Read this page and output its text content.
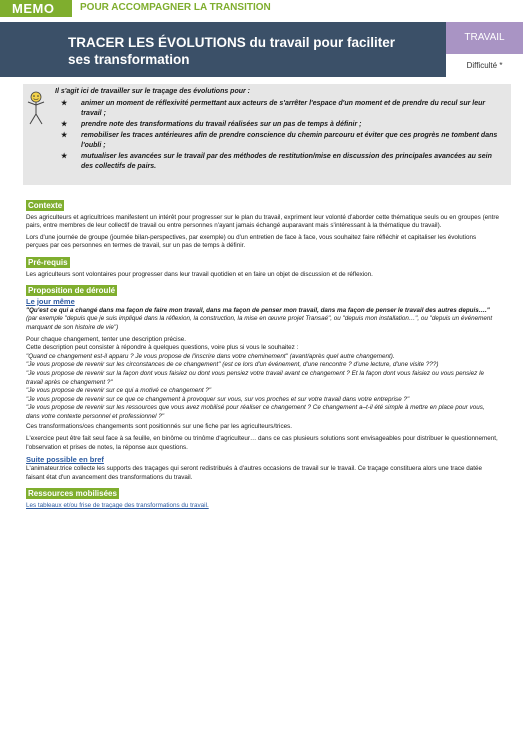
MEMO	POUR ACCOMPAGNER LA TRANSITION
TRACER LES ÉVOLUTIONS du travail pour faciliter
ses transformation
TRAVAIL
Difficulté *
Il s'agit ici de travailler sur le traçage des évolutions pour :
★ animer un moment de réflexivité permettant aux acteurs de s'arrêter l'espace d'un moment et de prendre du recul sur leur travail ;
★ prendre note des transformations du travail réalisées sur un pas de temps à définir ;
★ remobiliser les traces antérieures afin de prendre conscience du chemin parcouru et éviter que ces progrès ne tombent dans l'oubli ;
★ mutualiser les avancées sur le travail par des méthodes de restitution/mise en discussion des principales avancées au sein des collectifs de pairs.
Contexte

Des agriculteurs et agricultrices manifestent un intérêt pour progresser sur le plan du travail, expriment leur volonté d'aborder cette thématique seuls ou en groupes (entre pairs, entre membres de leur collectif de travail ou entre personnes n'ayant jamais échangé auparavant mais s'intéressant à la thématique du travail).

Lors d'une journée de groupe (journée bilan-perspectives, par exemple) ou d'un entretien de face à face, vous souhaitez faire réfléchir et capitaliser les évolutions perçues par ces personnes en termes de travail, sur un pas de temps à définir.

Pré-requis

Les agriculteurs sont volontaires pour progresser dans leur travail quotidien et en faire un objet de discussion et de réflexion.

Proposition de déroulé
Le jour même

"Qu'est ce qui a changé dans ma façon de faire mon travail, dans ma façon de penser mon travail, dans ma façon de penser le travail des autres depuis…." (par exemple "depuis que je suis impliqué dans la réflexion, la construction, la mise en œuvre projet Transaé", ou "depuis mon installation…", ou "depuis un événement marquant de son histoire de vie")

Pour chaque changement, tenter une description précise.

Cette description peut consister à répondre à quelques questions, voire plus si vous le souhaitez :

"Quand ce changement est-il apparu ? Je vous propose de l'inscrire dans votre cheminement" (avant/après quel autre changement).
"Je vous propose de revenir sur les circonstances de ce changement" (est ce lors d'un événement, d'une rencontre ? d'une lecture, d'une visite ???)
"Je vous propose de revenir sur la façon dont vous faisiez ou dont vous pensiez votre travail avant ce changement ? Et la façon dont vous faisiez ou vous pensiez le travail après ce changement ?"
"Je vous propose de revenir sur ce qui a motivé ce changement ?"
"Je vous propose de revenir sur ce que ce changement à provoquer sur vous, sur vos proches et sur votre travail dans votre entreprise ?"
"Je vous propose de revenir sur les ressources que vous avez mobilisé pour réaliser ce changement ? Ce changement a–t-il été simple à mettre en place pour vous, dans votre contexte personnel et professionnel ?"

Ces transformations/ces changements sont positionnés sur une fiche par les agriculteurs/trices.

L'exercice peut être fait seul face à sa feuille, en binôme ou trinôme d'agriculteur… dans ce cas plusieurs solutions sont envisageables pour distribuer le questionnement, l'observation et prises de notes, la réponse aux questions.

Suite possible en bref

L'animateur.trice collecte les supports des traçages qui seront redistribués à d'autres occasions de travail sur le travail. Ce traçage constituera alors une trace datée faisant état d'un avancement des transformations du travail.

Ressources mobilisées

Les tableaux et/ou frise de traçage des transformations du travail.
